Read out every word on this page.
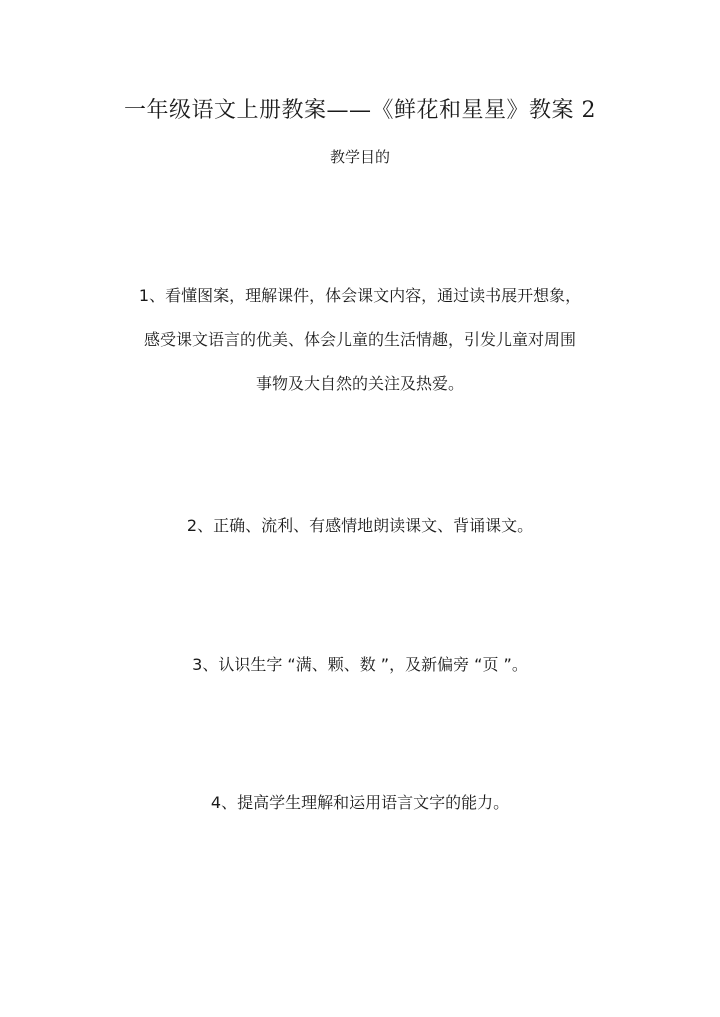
一年级语文上册教案——《鲜花和星星》教案 2
教学目的
1、看懂图案，理解课件，体会课文内容，通过读书展开想象，
感受课文语言的优美、体会儿童的生活情趣，引发儿童对周围
事物及大自然的关注及热爱。
2、正确、流利、有感情地朗读课文、背诵课文。
3、认识生字 “满、颗、数 ”，及新偏旁 “页 ”。
4、提高学生理解和运用语言文字的能力。
